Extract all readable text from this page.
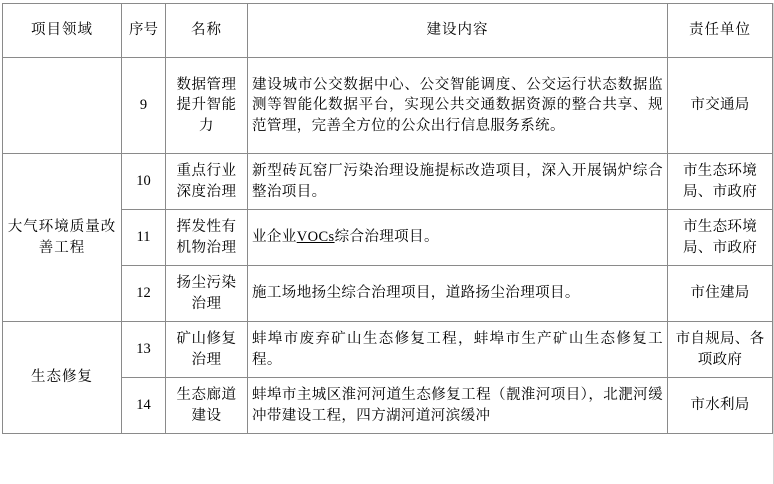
项目领域	序号	名称	建设内容	责任单位
	9	数据管理提升智能力	建设城市公交数据中心、公交智能调度、公交运行状态数据监测等智能化数据平台，实现公共交通数据资源的整合共享、规范管理，完善全方位的公众出行信息服务系统。	市交通局
大气环境质量改善工程	10	重点行业深度治理	新型砖瓦窑厂污染治理设施提标改造项目，深入开展锅炉综合整治项目。	市生态环境局、市政府
	11	挥发性有机物治理	业企业VOCs综合治理项目。	市生态环境局、市政府
	12	扬尘污染治理	施工场地扬尘综合治理项目，道路扬尘治理项目。	市住建局
生态修复	13	矿山修复治理	蚌埠市废弃矿山生态修复工程，蚌埠市生产矿山生态修复工程。	市自规局、各项政府
	14	生态廊道建设	蚌埠市主城区淮河河道生态修复工程（靓淮河项目），北淝河缓冲带建设工程，四方湖河道河滨缓冲	市水利局
